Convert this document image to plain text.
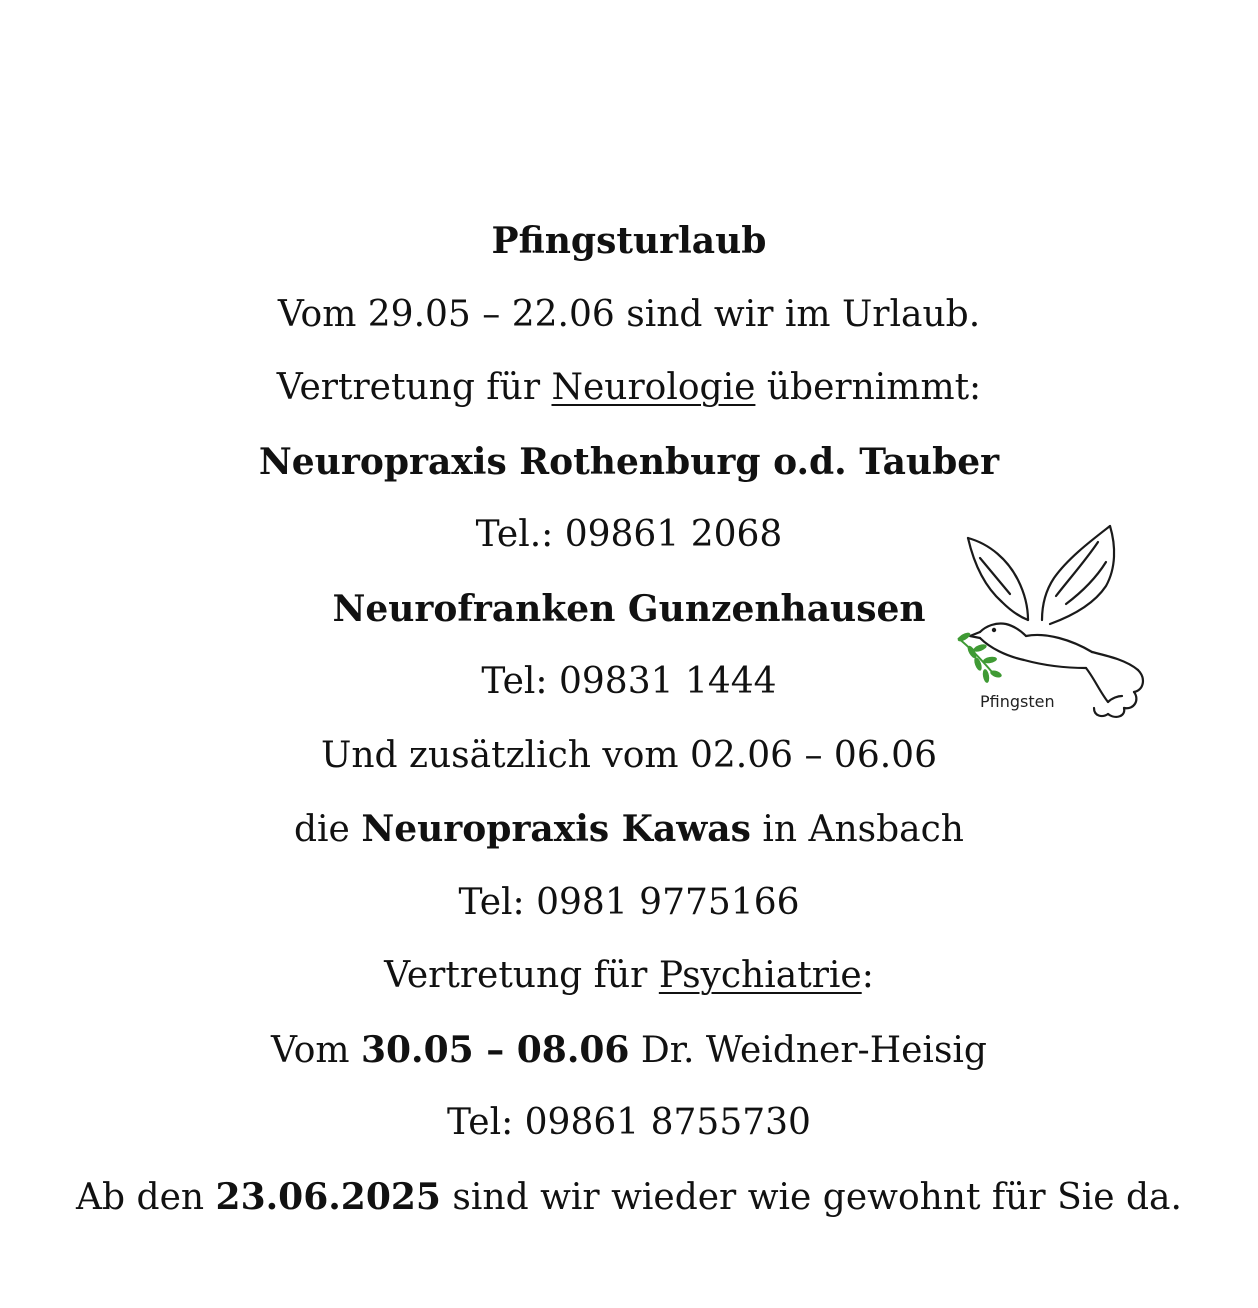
Pfingsturlaub
Vom 29.05 – 22.06 sind wir im Urlaub.
Vertretung für Neurologie übernimmt:
Neuropraxis Rothenburg o.d. Tauber
Tel.: 09861 2068
Neurofranken Gunzenhausen
Tel: 09831 1444
Und zusätzlich vom 02.06 – 06.06
die Neuropraxis Kawas in Ansbach
Tel: 0981 9775166
Vertretung für Psychiatrie:
Vom 30.05 – 08.06 Dr. Weidner-Heisig
Tel: 09861 8755730
Ab den 23.06.2025 sind wir wieder wie gewohnt für Sie da.
Pfingsten
